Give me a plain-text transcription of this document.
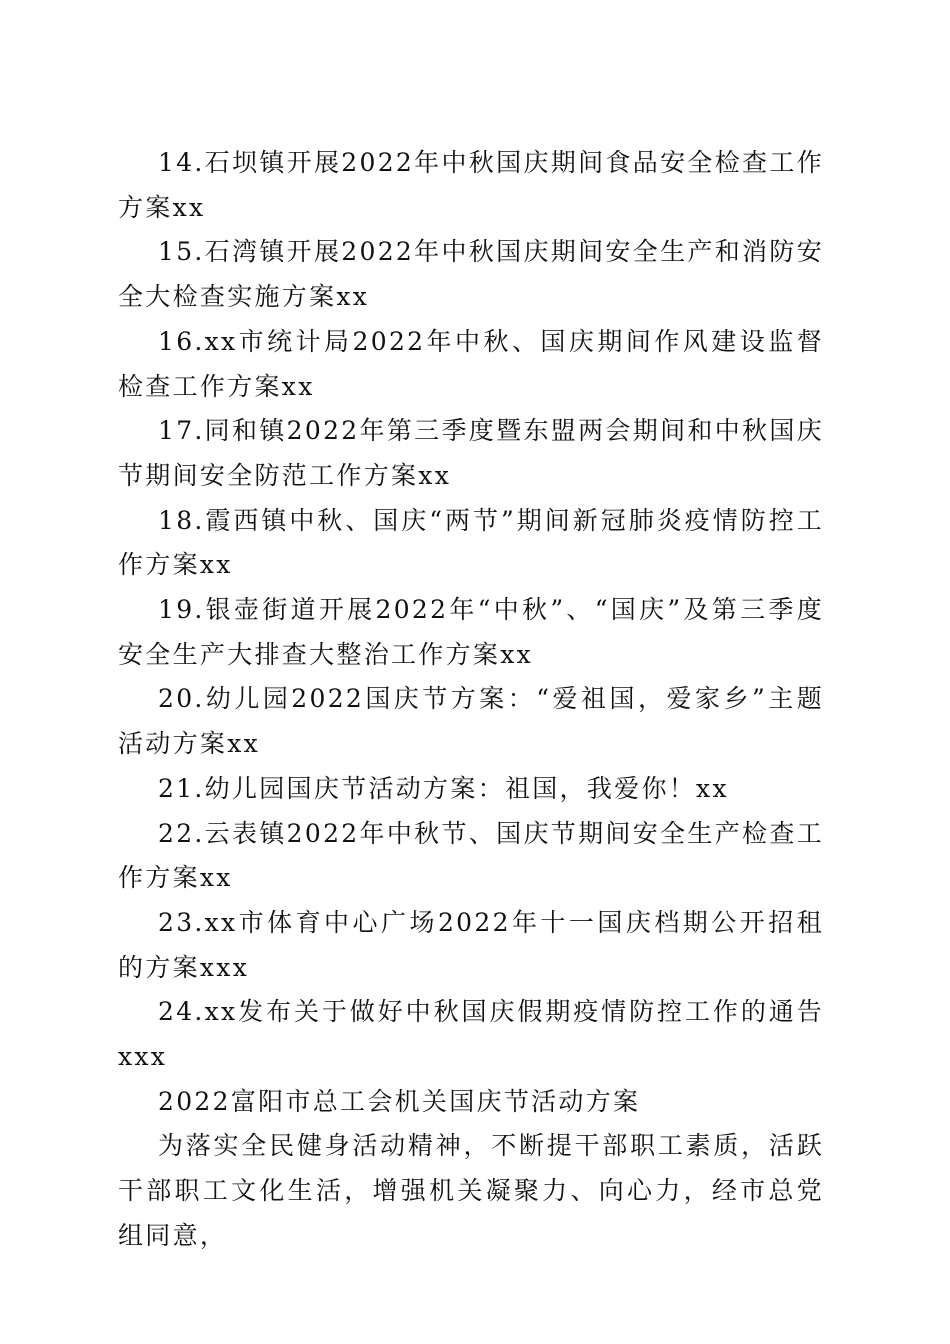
14.石坝镇开展2022年中秋国庆期间食品安全检查工作方案xx

15.石湾镇开展2022年中秋国庆期间安全生产和消防安全大检查实施方案xx

16.xx市统计局2022年中秋、国庆期间作风建设监督检查工作方案xx

17.同和镇2022年第三季度暨东盟两会期间和中秋国庆节期间安全防范工作方案xx

18.霞西镇中秋、国庆“两节”期间新冠肺炎疫情防控工作方案xx

19.银壶街道开展2022年“中秋”、“国庆”及第三季度安全生产大排查大整治工作方案xx

20.幼儿园2022国庆节方案：“爱祖国，爱家乡”主题活动方案xx

21.幼儿园国庆节活动方案：祖国，我爱你！xx

22.云表镇2022年中秋节、国庆节期间安全生产检查工作方案xx

23.xx市体育中心广场2022年十一国庆档期公开招租的方案xxx

24.xx发布关于做好中秋国庆假期疫情防控工作的通告xxx

2022富阳市总工会机关国庆节活动方案

为落实全民健身活动精神，不断提干部职工素质，活跃干部职工文化生活，增强机关凝聚力、向心力，经市总党组同意，
